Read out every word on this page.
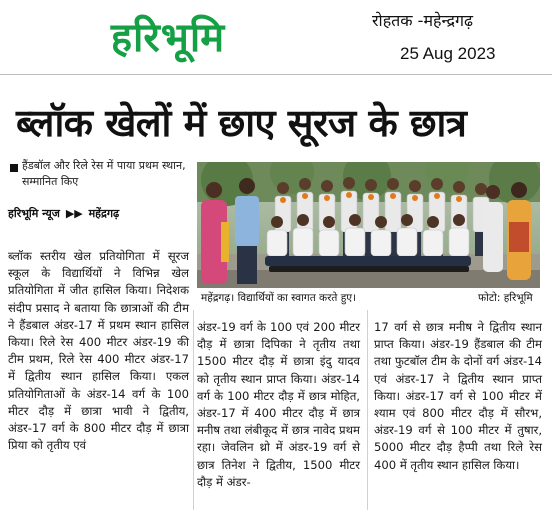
हरिभूमि	रोहतक -महेन्द्रगढ़
25 Aug 2023
ब्लॉक खेलों में छाए सूरज के छात्र
हैंडबॉल और रिले रेस में पाया प्रथम स्थान, सम्मानित किए
हरिभूमि न्यूज ▶▶ महेंद्रगढ़
महेंद्रगढ़। विद्यार्थियों का स्वागत करते हुए।	फोटो: हरिभूमि

ब्लॉक स्तरीय खेल प्रतियोगिता में सूरज स्कूल के विद्यार्थियों ने विभिन्न खेल प्रतियोगिता में जीत हासिल किया। निदेशक संदीप प्रसाद ने बताया कि छात्राओं की टीम ने हैंडबाल अंडर-17 में प्रथम स्थान हासिल किया। रिले रेस 400 मीटर अंडर-19 की टीम प्रथम, रिले रेस 400 मीटर अंडर-17 में द्वितीय स्थान हासिल किया। एकल प्रतियोगिताओं के अंडर-14 वर्ग के 100 मीटर दौड़ में छात्रा भावी ने द्वितीय, अंडर-17 वर्ग के 800 मीटर दौड़ में छात्रा प्रिया को तृतीय एवं

अंडर-19 वर्ग के 100 एवं 200 मीटर दौड़ में छात्रा दिपिका ने तृतीय तथा 1500 मीटर दौड़ में छात्रा इंदु यादव को तृतीय स्थान प्राप्त किया। अंडर-14 वर्ग के 100 मीटर दौड़ में छात्र मोहित, अंडर-17 में 400 मीटर दौड़ में छात्र मनीष तथा लंबीकूद में छात्र नावेद प्रथम रहा। जेवलिन थ्रो में अंडर-19 वर्ग से छात्र तिनेश ने द्वितीय, 1500 मीटर दौड़ में अंडर-

17 वर्ग से छात्र मनीष ने द्वितीय स्थान प्राप्त किया। अंडर-19 हैंडबाल की टीम तथा फुटबॉल टीम के दोनों वर्ग अंडर-14 एवं अंडर-17 ने द्वितीय स्थान प्राप्त किया। अंडर-17 वर्ग से 100 मीटर में श्याम एवं 800 मीटर दौड़ में सौरभ, अंडर-19 वर्ग से 100 मीटर में तुषार, 5000 मीटर दौड़ हैप्पी तथा रिले रेस 400 में तृतीय स्थान हासिल किया।
